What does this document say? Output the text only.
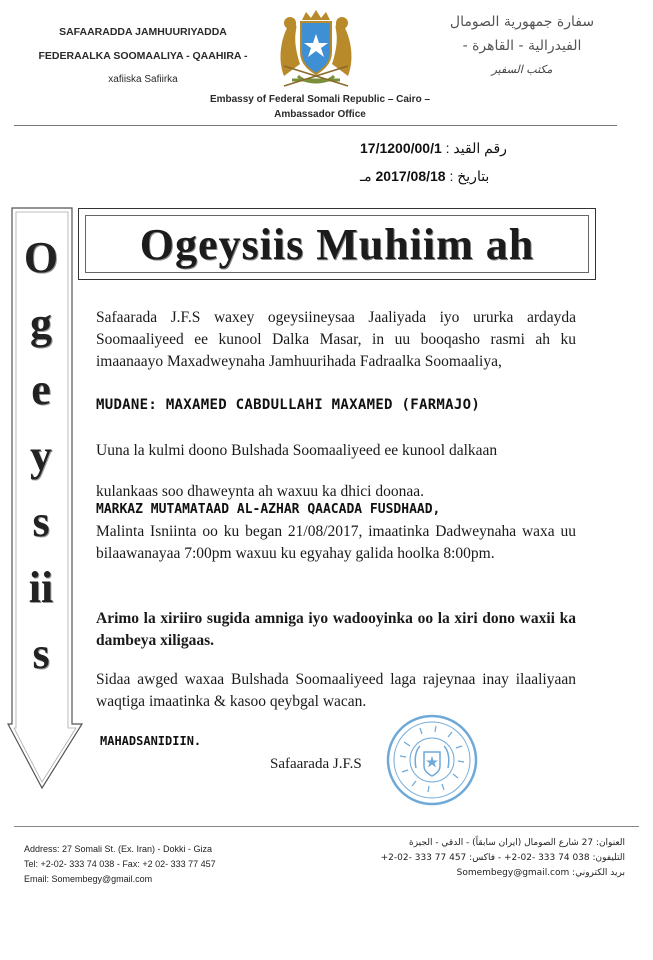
SAFAARADDA JAMHUURIYADDA
FEDERAALKA SOOMAALIYA - QAAHIRA -
xafiiska Safiirka
سفارة جمهورية الصومال
الفيدرالية - القاهرة -
مكتب السفير
Embassy of Federal Somali Republic – Cairo –
Ambassador Office
رقم القيد : 17/1200/00/1
بتاريخ : 2017/08/18 مـ
O
g
e
y
s
ii
s
Ogeysiis Muhiim ah
Safaarada J.F.S waxey ogeysiineysaa Jaaliyada iyo ururka ardayda Soomaaliyeed ee kunool Dalka Masar, in uu booqasho rasmi ah ku imaanaayo Maxadweynaha Jamhuurihada Fadraalka Soomaaliya,
MUDANE: MAXAMED CABDULLAHI MAXAMED (FARMAJO)
Uuna la kulmi doono Bulshada Soomaaliyeed ee kunool dalkaan
kulankaas soo dhaweynta ah waxuu ka dhici doonaa.
MARKAZ MUTAMATAAD AL-AZHAR QAACADA FUSDHAAD,
Malinta Isniinta oo ku began 21/08/2017, imaatinka Dadweynaha waxa uu bilaawanayaa 7:00pm waxuu ku egyahay galida hoolka 8:00pm.
Arimo la xiriiro sugida amniga iyo wadooyinka oo la xiri dono waxii ka dambeya xiligaas.
Sidaa awged waxaa Bulshada Soomaaliyeed laga rajeynaa inay ilaaliyaan waqtiga imaatinka & kasoo qeybgal wacan.
MAHADSANIDIIN.
Safaarada J.F.S
Address: 27 Somali St. (Ex. Iran) - Dokki - Giza
Tel: +2-02- 333 74 038 - Fax: +2 02- 333 77 457
Email: Somembegy@gmail.com
العنوان: 27 شارع الصومال (ايران سابقاً) - الدقي - الجيزة
التليفون: 038 74 333 -02-2+ - فاكس: 457 77 333 -02-2+
بريد الكتروني: Somembegy@gmail.com
